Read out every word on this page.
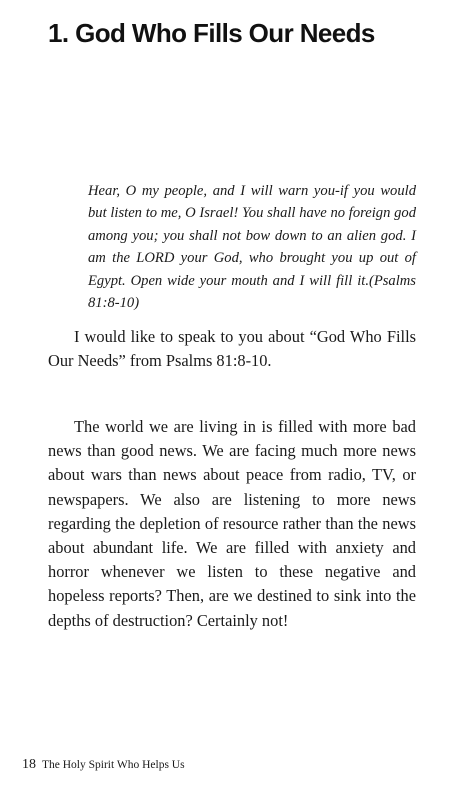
1. God Who Fills Our Needs

Hear, O my people, and I will warn you-if you would but listen to me, O Israel! You shall have no foreign god among you; you shall not bow down to an alien god. I am the LORD your God, who brought you up out of Egypt. Open wide your mouth and I will fill it.(Psalms 81:8-10)

I would like to speak to you about “God Who Fills Our Needs” from Psalms 81:8-10.

The world we are living in is filled with more bad news than good news. We are facing much more news about wars than news about peace from radio, TV, or newspapers. We also are listening to more news regarding the depletion of resource rather than the news about abundant life. We are filled with anxiety and horror whenever we listen to these negative and hopeless reports? Then, are we destined to sink into the depths of destruction? Certainly not!

18 The Holy Spirit Who Helps Us
